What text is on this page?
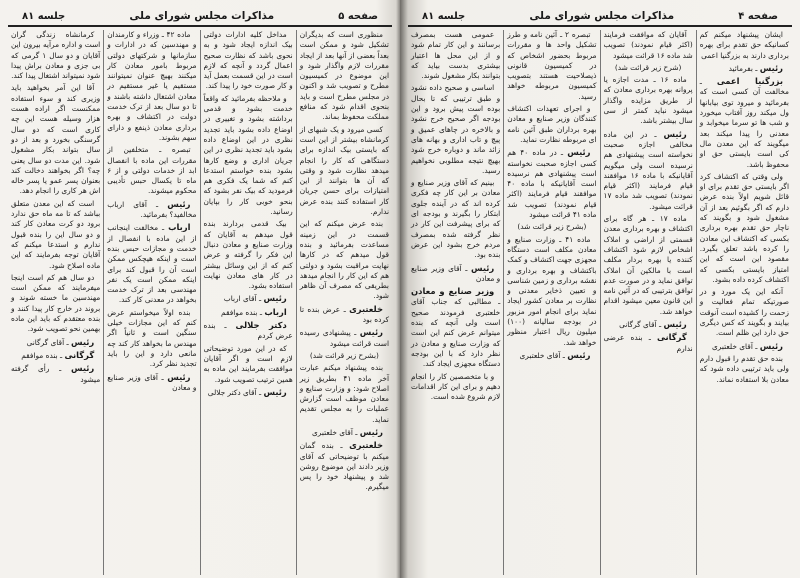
صفحه ۵
مذاکرات مجلس شورای ملی
جلسه ۸۱

منظوری است که بدیگران تشکیل شود و ممکن است بعداً بعضی از آنها بعد از ایجاد مقررات لازم واگذار شود و این موضوع در کمیسیون مطرح و تصویب شد و اکنون در مجلس مطرح است و باید بنحوی اقدام شود که منافع مملکت محفوظ بماند.

کسی میرود و یک شبهای از کرمانشاه بیشتر از این است که بایستی بیک اندازه برای دستگاهی که کار را انجام میدهد نظارت شود و وقتی که آن ها بتوانند از این امتیازات برای حسن جریان کار استفاده کنند بنده عرض ندارم.

بنده عرض میکنم که این قسمت در این زمینه مساعدت بفرمائید و بنده قول میدهم که در کارها نهایت مراقبت بشود و دولتی هم که این کار را انجام میدهد بطریقی که مصرف آن ظاهر شود.

خلعتبری ـ عرض بنده تا کرده بود

رئیس ـ پیشنهادی رسیده است قرائت میشود

(بشرح زیر قرائت شد)

بنده پیشنهاد میکنم عبارت آخر ماده ۴۱ بطریق زیر اصلاح شود: و وزارت صنایع و معادن موظف است گزارش عملیات را به مجلس تقدیم نماید.

رئیس ـ آقای خلعتبری

خلعتبری ـ بنده گمان میکنم با توضیحاتی که آقای وزیر دادند این موضوع روشن شد و پیشنهاد خود را پس میگیرم.

مداخل کلیه ادارات دولتی بیک اندازه ایجاد شود و به نحوی باشد که نظارت صحیح اعمال گردد و آنچه که لازم است در این قسمت بعمل آید و کار صورت خود را پیدا کند.

و ملاحظه بفرمائید که واقعاً خدمت بشود و قدمی برداشته بشود و تغییری در اوضاع داده بشود باید تجدید نظری در این اوضاع داده بشود باید تجدید نظری در این جریان اداری و وضع کارها بشود بنده خواستم استدعا کنم که شما یک فکری هم فرمودید که بیک نفر بشود که بنحو خوبی کار را بپایان رسانید.

بیک قدمی بردارند بنده قول میدهم به آقایان که وزارت صنایع و معادن دنبال این فکر را گرفته و عرض کنم که از این وسائل بیشتر در کار های معادن نهایت استفاده بشود.

رئیس ـ آقای ارباب

ارباب ـ بنده موافقم

دکتر جلالی ـ بنده عرض کردم

که در این مورد توضیحاتی لازم است و اگر آقایان موافقت بفرمایند این ماده به همین ترتیب تصویب شود.

رئیس ـ آقای دکتر جلالی

ماده ۴۲ ـ وزراء و کارمندان و مهندسین که در ادارات و سازمانها و شرکتهای دولتی مربوط بامور معادن کار میکنند بهیچ عنوان نمیتوانند مستقیم یا غیر مستقیم در معادن اشتغال داشته باشند و تا دو سال بعد از ترک خدمت دولت در اکتشاف و بهره برداری معادن ذینفع و دارای سهم بشوند.

تبصره ـ متخلفین از مقررات این ماده با انفصال ابد از خدمات دولتی و از ۶ ماه تا یکسال حبس تأدیبی محکوم میشوند.

رئیس ـ آقای ارباب مخالفید؟ بفرمائید.

ارباب ـ مخالفت اینجانب از این ماده با انفصال از خدمت و مجازات حبس بنده است و اینکه هیچکس ممکن است آن را قبول کند برای اینکه ممکن است یک نفر مهندسی بعد از ترک خدمت بخواهد در معدنی کار کند.

بنده اولاً میخواستم عرض کنم که این مجازات خیلی سنگین است و ثانیاً اگر مهندس ما بخواهد کار کند چه مانعی دارد و این را باید تجدید نظر کرد.

رئیس ـ آقای وزیر صنایع و معادن

کرمانشاه زندگی گران است و اداره مرآیه بیرون این آقایان و دو سال ۱ گرمی که بی جزی و معادن براش پیدا شود نمیتواند اشتغال پیدا کند.

آقا این آمر بخواهید باید وزیری کند و سوء استفاده ممکنست اگر اراده هست هزار وسیله هست این چه کاری است که دو سال گرسنگی بخورد و بعد از دو سال بتواند بکار مشغول شود. این مدت دو سال یعنی چه؟ اگر بخواهند دخالت کند بعنوان پسر عمو یا پسر خاله اش هر کاری را انجام دهد.

است که این معدن متعلق بباشد که تا مه ماه حق ندارد برود دو کرت معادن کار کند و دو سال این را بنده قبول ندارم و استدعا میکنم که آقایان توجه بفرمایند که این ماده اصلاح شود.

دو سال هم کم است اینجا میفرمایند که ممکن است مهندسین ما خسته شوند و بروند در خارج کار پیدا کنند و بنده معتقدم که باید این ماده بهمین نحو تصویب شود.

رئیس ـ آقای گرگانی

گرگانی ـ بنده موافقم

رئیس ـ رأی گرفته میشود

صفحه ۴
مذاکرات مجلس شورای ملی
جلسه ۸۱

ایشان پیشنهاد میکنم کم کسانیکه حق تقدم برای بهره برداری دارند به بزرگنیا اعمی

رئیس ـ بفرمائید

بزرگنیا اعمی ـ مخالفت آن کسی است که بفرمائید و میرود توی بیابانها ول میکند روز آفتاب میخورد و شب ها تو سرما میخوابد و معدنی را پیدا میکند بعد میگویند که این معدن مال کی است بایستی حق او محفوظ باشد.

ولی وقتی که اکتشاف کرد اگر بایستی حق تقدم برای او قائل شویم اولاً بنده عرض دارم که اگر بگوئیم بعد از آن مشغول شود و بگویند که ناچار حق تقدم بهره برداری بکسی که اکتشاف این معادن را کرده باشد تعلق بگیرد. مقصود این است که این امتیاز بایستی بکسی که اکتشاف کرده داده بشود.

آنکه این یک مورد و در صورتیکه تمام فعالیت و زحمت را کشیده است آنوقت بیایند و بگویند که کس دیگری حق دارد این ظلم است.

رئیس ـ آقای خلعتبری

بنده حق تقدم را قبول دارم ولی باید ترتیبی داده شود که معادن بلا استفاده نماند.

آقایان که موافقت فرمایند (اکثر قیام نمودند) تصویب شد ماده ۱۶ قرائت میشود

(شرح زیر قرائت شد)

ماده ۱۶ ـ مدت اجازه یا پروانه بهره برداری معادن که از طریق مزایده واگذار میشود نباید کمتر از سی سال بیشتر باشد.

رئیس ـ در این ماده مخالفی اجازه صحبت نخواسته است پیشنهادی هم نرسیده است ولی میگویم آقایانیکه با ماده ۱۶ موافقند قیام فرمایند (اکثر قیام نمودند) تصویب شد ماده ۱۷ قرائت میشود.

ماده ۱۷ ـ هر گاه برای اکتشاف و بهره برداری معدن قسمتی از اراضی و املاک اشخاص لازم شود اکتشاف کننده یا بهره بردار مکلف است با مالکین آن املاک توافق نماید و در صورت عدم توافق بترتیبی که در آئین نامه این قانون معین میشود اقدام خواهد شد.

رئیس ـ آقای گرگانی

گرگانی ـ بنده عرضی ندارم

تبصره ۲ ـ آئین نامه و طرز تشکیل واحد ها و مقررات مربوط بحضور اشخاص که در کمیسیون قانونی ذیصلاحیت هستند بتصویب کمیسیون مربوطه خواهد رسید.

و اجرای تعهدات اکتشاف کنندگان وزیر صنایع و معادن بهره برداران طبق آئین نامه ای مربوطه نظارت نماید.

رئیس ـ در ماده ۴۰ هم کسی اجازه صحبت نخواسته است پیشنهادی هم نرسیده است آقایانیکه با ماده ۴۰ موافقند قیام فرمایند (اکثر قیام نمودند) تصویب شد ماده ۴۱ قرائت میشود

(بشرح زیر قرائت شد)

ماده ۴۱ ـ وزارت صنایع و معادن مکلف است دستگاه مجهزی جهت اکتشاف و کمک باکتشاف و بهره برداری و نقشه برداری و زمین شناسی و تعیین ذخایر معدنی و نظارت بر معادن کشور ایجاد نماید برای انجام امور مزبور در بودجه سالیانه (۱۰۰) میلیون ریال اعتبار منظور خواهد شد.

رئیس ـ آقای خلعتبری

عمومی هست بمصرف برسانند و این کار تمام شود و از این محل ها اعتبار بیشتری بدست بیاید که بتوانند بکار مشغول شوند.

اساسی و صحیح داده نشود و طبق ترتیبی که تا بحال بوده است پیش برود و این بودجه اگر صحیح خرج نشود و بالاخره در چاهای عمیق و پیچ و تاب اداری و بهانه های زائد ماند و دوباره خرج شود بهیچ نتیجه مطلوبی نخواهیم رسید.

بینیم که آقای وزیر صنایع و معادن بر این کار چه فکری کرده اند که در آینده جلوی ابتکار را بگیرند و بودجه ای که برای پیشرفت این کار در نظر گرفته شده بمصرف مردم خرج بشود این عرض بنده بود.

رئیس ـ آقای وزیر صنایع و معادن

وزیر صنایع و معادن ـ مطالبی که جناب آقای خلعتبری فرمودند صحیح است ولی آنچه که بنده میتوانم عرض کنم این است که وزارت صنایع و معادن در نظر دارد که با این بودجه دستگاه مجهزی ایجاد کند.

و با متخصصین کار را انجام دهیم و برای این کار اقدامات لازم شروع شده است.
